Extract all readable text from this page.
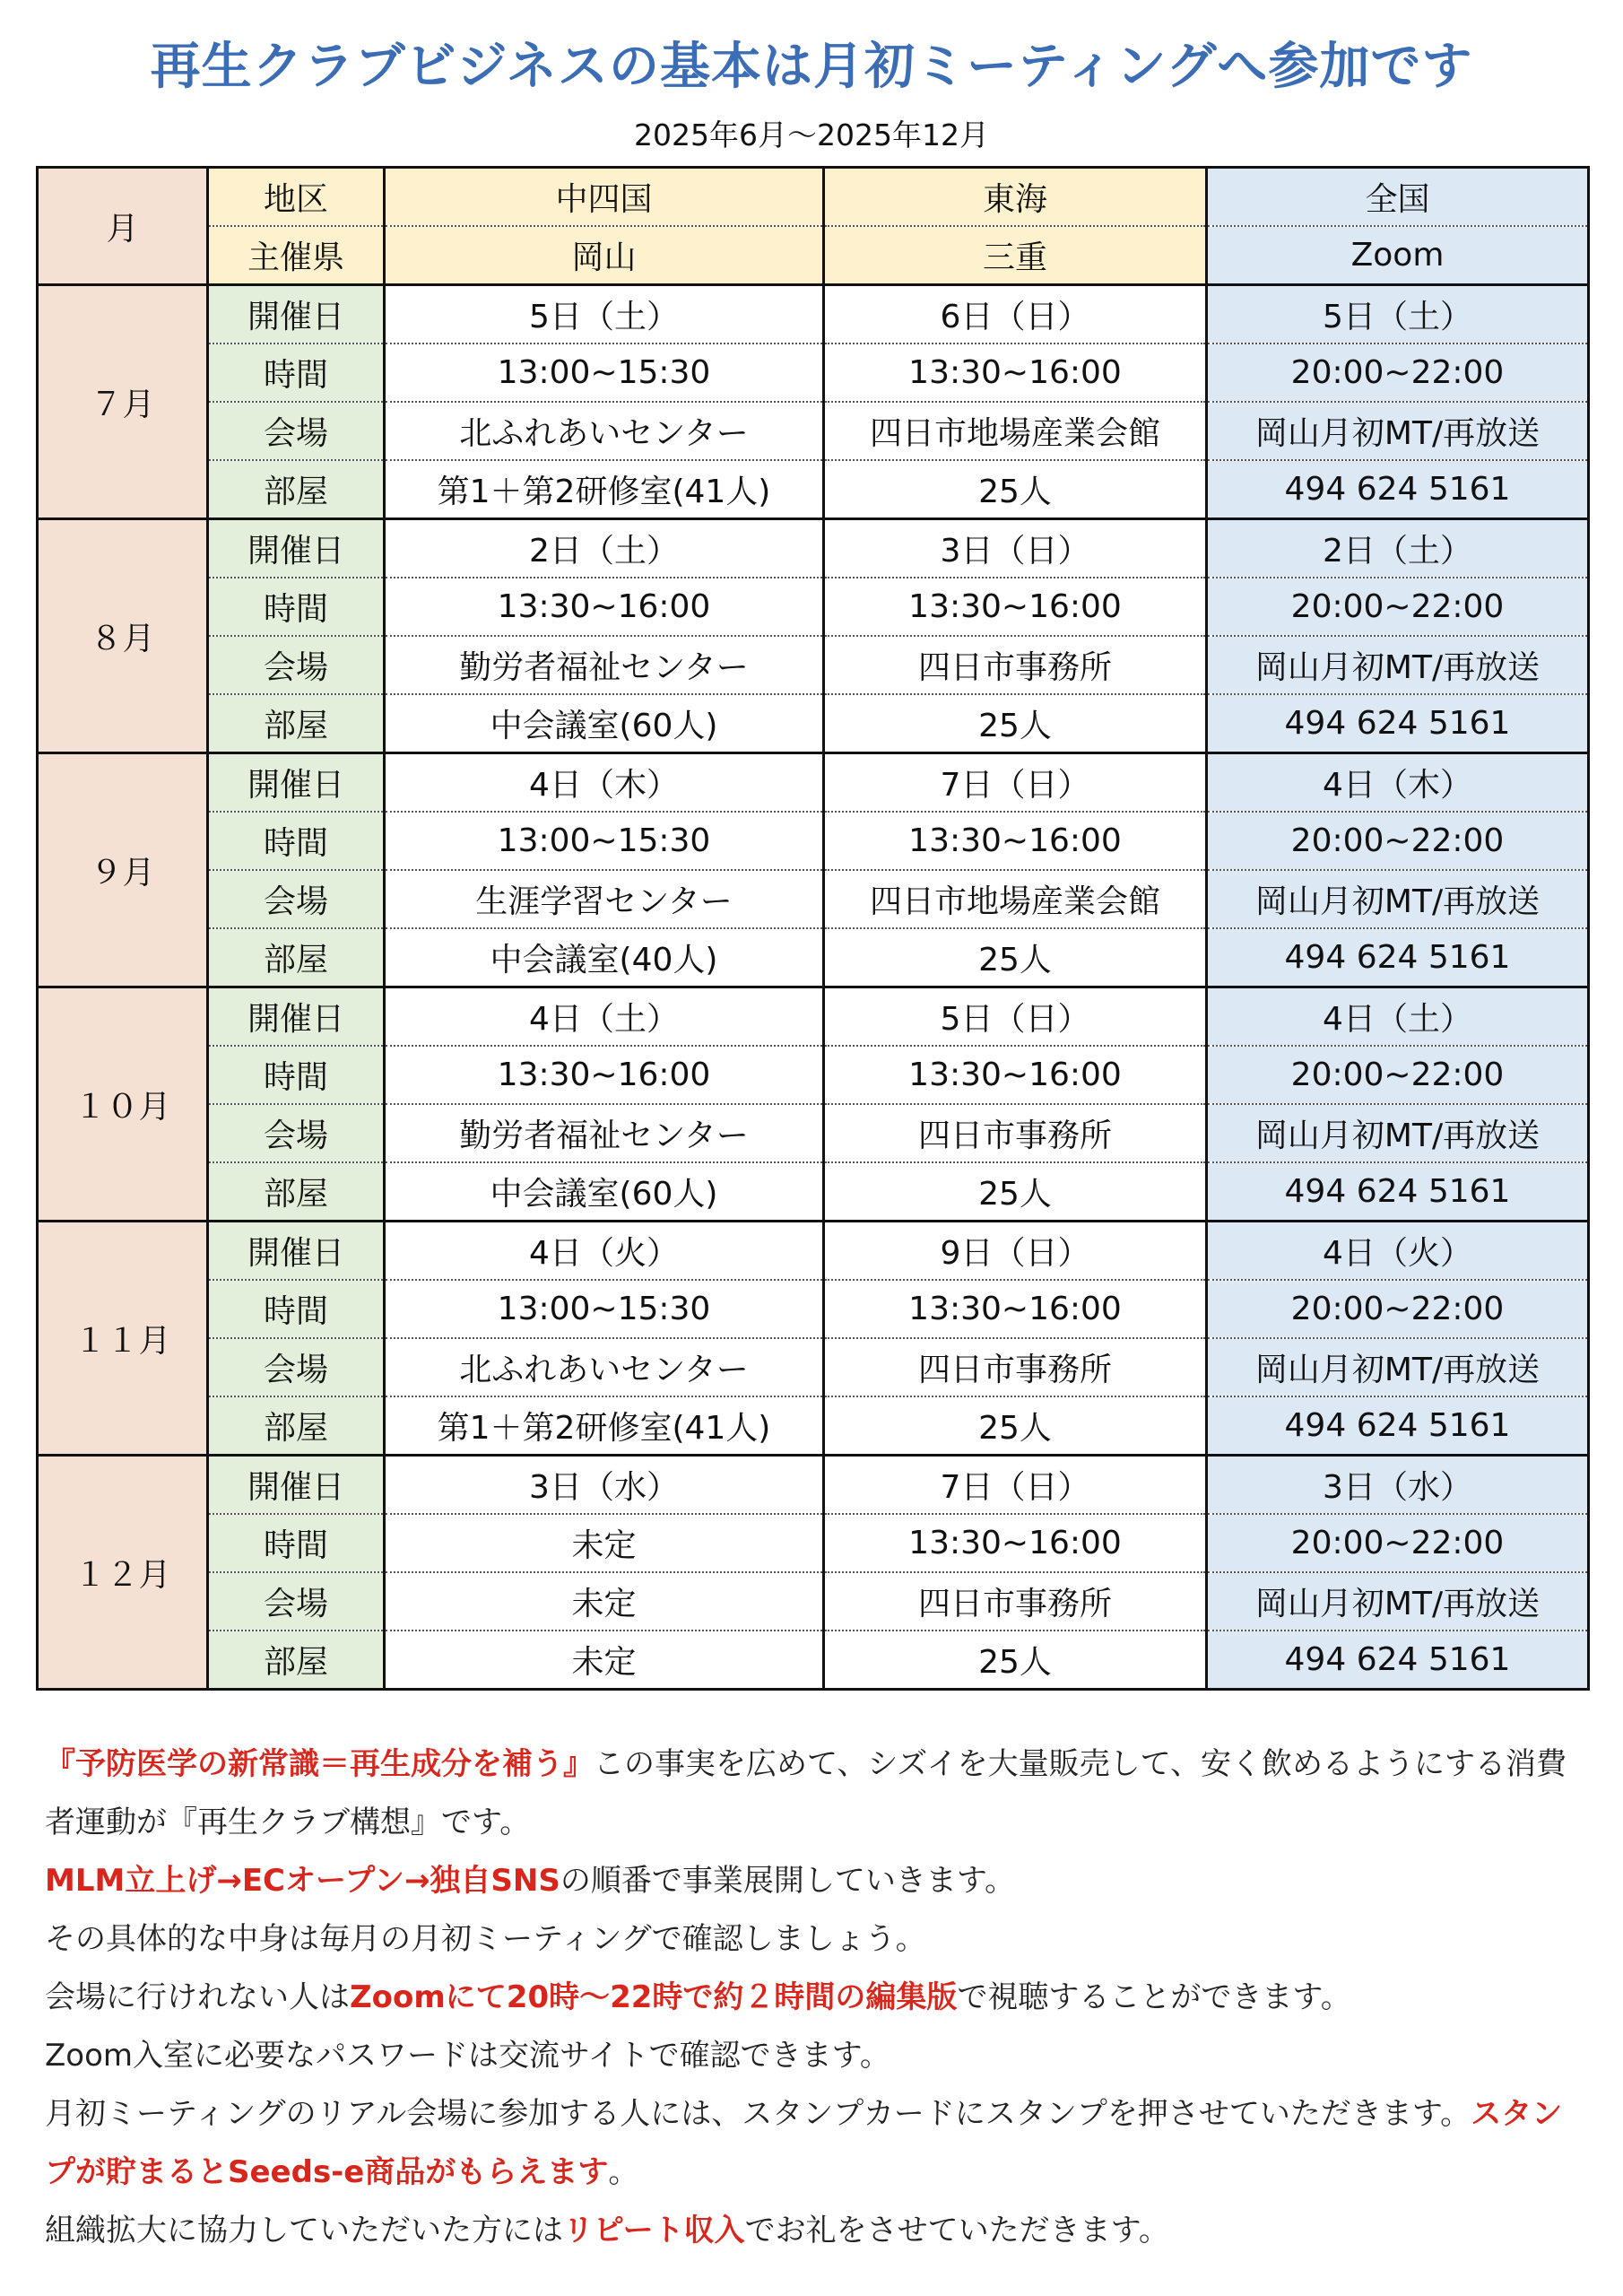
再生クラブビジネスの基本は月初ミーティングへ参加です
2025年6月～2025年12月
月	地区	中四国	東海	全国
	主催県	岡山	三重	Zoom
７月	開催日	5日（土）	6日（日）	5日（土）
	時間	13:00~15:30	13:30~16:00	20:00~22:00
	会場	北ふれあいセンター	四日市地場産業会館	岡山月初MT/再放送
	部屋	第1＋第2研修室(41人)	25人	494 624 5161
８月	開催日	2日（土）	3日（日）	2日（土）
	時間	13:30~16:00	13:30~16:00	20:00~22:00
	会場	勤労者福祉センター	四日市事務所	岡山月初MT/再放送
	部屋	中会議室(60人)	25人	494 624 5161
９月	開催日	4日（木）	7日（日）	4日（木）
	時間	13:00~15:30	13:30~16:00	20:00~22:00
	会場	生涯学習センター	四日市地場産業会館	岡山月初MT/再放送
	部屋	中会議室(40人)	25人	494 624 5161
１０月	開催日	4日（土）	5日（日）	4日（土）
	時間	13:30~16:00	13:30~16:00	20:00~22:00
	会場	勤労者福祉センター	四日市事務所	岡山月初MT/再放送
	部屋	中会議室(60人)	25人	494 624 5161
１１月	開催日	4日（火）	9日（日）	4日（火）
	時間	13:00~15:30	13:30~16:00	20:00~22:00
	会場	北ふれあいセンター	四日市事務所	岡山月初MT/再放送
	部屋	第1＋第2研修室(41人)	25人	494 624 5161
１２月	開催日	3日（水）	7日（日）	3日（水）
	時間	未定	13:30~16:00	20:00~22:00
	会場	未定	四日市事務所	岡山月初MT/再放送
	部屋	未定	25人	494 624 5161
『予防医学の新常識＝再生成分を補う』この事実を広めて、シズイを大量販売して、安く飲めるようにする消費者運動が『再生クラブ構想』です。
MLM立上げ→ECオープン→独自SNSの順番で事業展開していきます。
その具体的な中身は毎月の月初ミーティングで確認しましょう。
会場に行けれない人はZoomにて20時～22時で約２時間の編集版で視聴することができます。
Zoom入室に必要なパスワードは交流サイトで確認できます。
月初ミーティングのリアル会場に参加する人には、スタンプカードにスタンプを押させていただきます。スタンプが貯まるとSeeds-e商品がもらえます。
組織拡大に協力していただいた方にはリピート収入でお礼をさせていただきます。
